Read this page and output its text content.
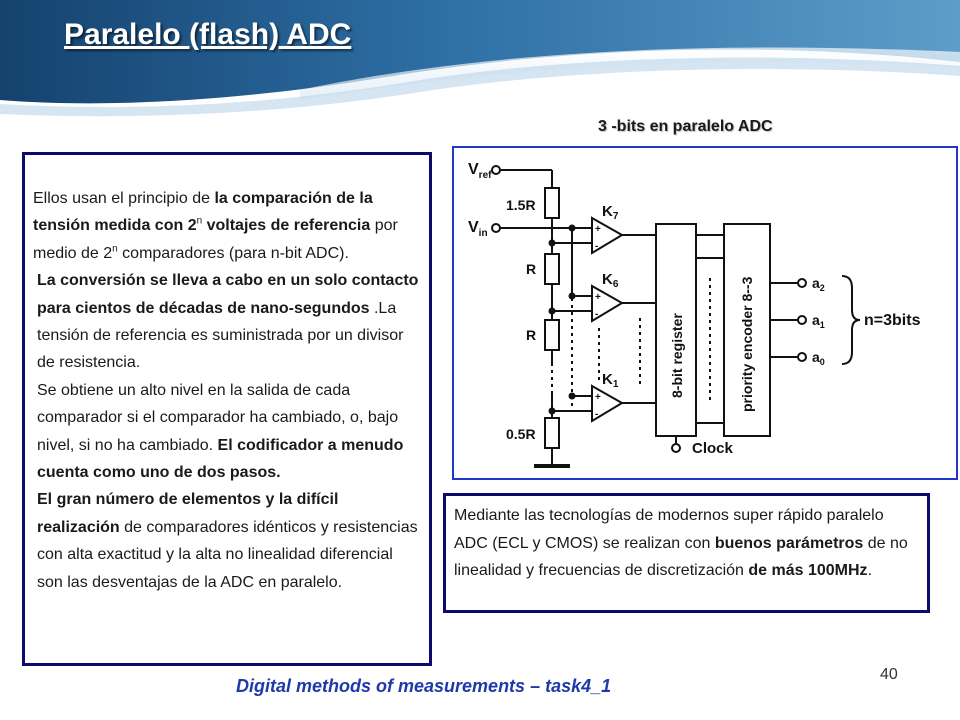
Paralelo (flash) ADC

Ellos usan el principio de la comparación de la tensión medida con 2$^n$ voltajes de referencia por medio de 2$^n$ comparadores (para n-bit ADC).

La conversión se lleva a cabo en un solo contacto para cientos de décadas de nano-segundos .La tensión de referencia es suministrada por un divisor de resistencia.

Se obtiene un alto nivel en la salida de cada comparador si el comparador ha cambiado, o, bajo nivel, si no ha cambiado. El codificador a menudo cuenta como uno de dos pasos.

El gran número de elementos y la difícil realización de comparadores idénticos y resistencias con alta exactitud y la alta no linealidad diferencial son las desventajas de la ADC en paralelo.

3 -bits en paralelo ADC
$V_{ref}$
$V_{in}$
1.5R
R
R
0.5R
$K_7$
$K_6$
$K_1$
+
-
+
-
+
-
8-bit register	priority encoder 8--3	$a_2$
$a_1$
$a_0$
n=3bits
Clock

Mediante las tecnologías de modernos super rápido paralelo ADC (ECL y CMOS) se realizan con buenos parámetros de no linealidad y frecuencias de discretización de más 100MHz.

Digital methods of measurements – task4_1
40
